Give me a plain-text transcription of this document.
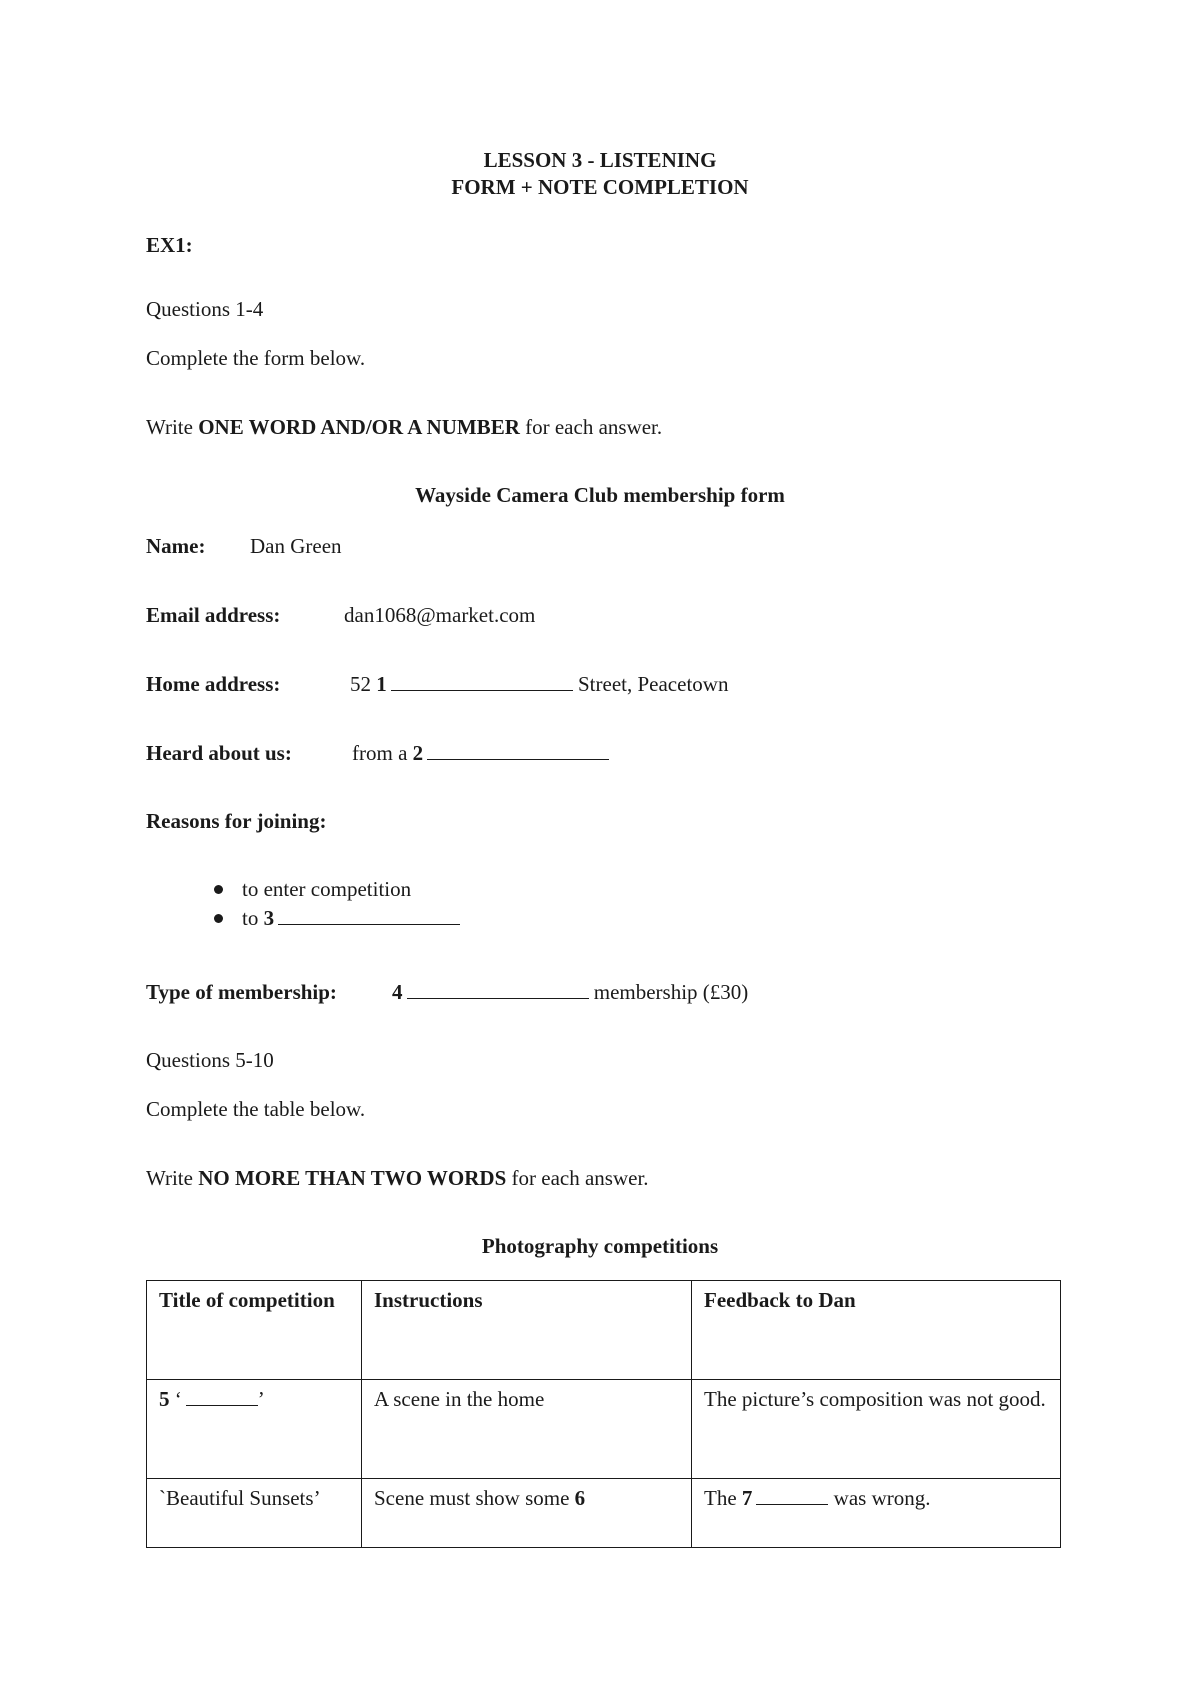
LESSON 3 - LISTENING
FORM + NOTE COMPLETION
EX1:
Questions 1-4
Complete the form below.
Write ONE WORD AND/OR A NUMBER for each answer.
Wayside Camera Club membership form
Name: Dan Green
Email address:	dan1068@market.com
Home address:	52 1	Street, Peacetown
Heard about us:	from a 2
Reasons for joining:
to enter competition
to 3
Type of membership:	4	membership (£30)
Questions 5-10
Complete the table below.
Write NO MORE THAN TWO WORDS for each answer.
Photography competitions
Title of competition	Instructions	Feedback to Dan
5 ‘ ’	A scene in the home	The picture’s composition was not good.
`Beautiful Sunsets’	Scene must show some 6	The 7 was wrong.
